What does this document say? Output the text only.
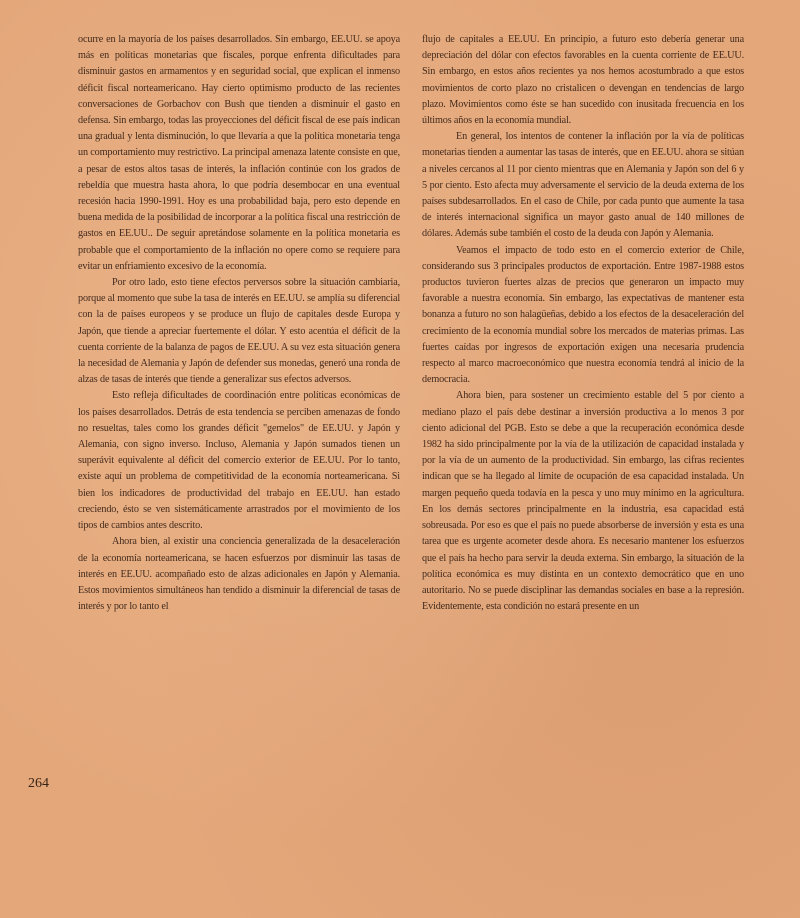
ocurre en la mayoría de los países desarrollados. Sin embargo, EE.UU. se apoya más en políticas monetarias que fiscales, porque enfrenta dificultades para disminuir gastos en armamentos y en seguridad social, que explican el inmenso déficit fiscal norteamericano. Hay cierto optimismo producto de las recientes conversaciones de Gorbachov con Bush que tienden a disminuir el gasto en defensa. Sin embargo, todas las proyecciones del déficit fiscal de ese país indican una gradual y lenta disminución, lo que llevaría a que la política monetaria tenga un comportamiento muy restrictivo. La principal amenaza latente consiste en que, a pesar de estos altos tasas de interés, la inflación continúe con los grados de rebeldía que muestra hasta ahora, lo que podría desembocar en una eventual recesión hacia 1990-1991. Hoy es una probabilidad baja, pero esto depende en buena medida de la posibilidad de incorporar a la política fiscal una restricción de gastos en EE.UU.. De seguir apretándose solamente en la política monetaria es probable que el comportamiento de la inflación no opere como se requiere para evitar un enfriamiento excesivo de la economía.

Por otro lado, esto tiene efectos perversos sobre la situación cambiaria, porque al momento que sube la tasa de interés en EE.UU. se amplía su diferencial con la de países europeos y se produce un flujo de capitales desde Europa y Japón, que tiende a apreciar fuertemente el dólar. Y esto acentúa el déficit de la cuenta corriente de la balanza de pagos de EE.UU. A su vez esta situación genera la necesidad de Alemania y Japón de defender sus monedas, generó una ronda de alzas de tasas de interés que tiende a generalizar sus efectos adversos.

Esto refleja dificultades de coordinación entre políticas económicas de los países desarrollados. Detrás de esta tendencia se perciben amenazas de fondo no resueltas, tales como los grandes déficit "gemelos" de EE.UU. y Japón y Alemania, con signo inverso. Incluso, Alemania y Japón sumados tienen un superávit equivalente al déficit del comercio exterior de EE.UU. Por lo tanto, existe aquí un problema de competitividad de la economía norteamericana. Si bien los indicadores de productividad del trabajo en EE.UU. han estado creciendo, ésto se ven sistemáticamente arrastrados por el movimiento de los tipos de cambios antes descrito.

Ahora bien, al existir una conciencia generalizada de la desaceleración de la economía norteamericana, se hacen esfuerzos por disminuir las tasas de interés en EE.UU. acompañado esto de alzas adicionales en Japón y Alemania. Estos movimientos simultáneos han tendido a disminuir la diferencial de tasas de interés y por lo tanto el

flujo de capitales a EE.UU. En principio, a futuro esto debería generar una depreciación del dólar con efectos favorables en la cuenta corriente de EE.UU. Sin embargo, en estos años recientes ya nos hemos acostumbrado a que estos movimientos de corto plazo no cristalicen o devengan en tendencias de largo plazo. Movimientos como éste se han sucedido con inusitada frecuencia en los últimos años en la economía mundial.

En general, los intentos de contener la inflación por la vía de políticas monetarias tienden a aumentar las tasas de interés, que en EE.UU. ahora se sitúan a niveles cercanos al 11 por ciento mientras que en Alemania y Japón son del 6 y 5 por ciento. Esto afecta muy adversamente el servicio de la deuda externa de los países subdesarrollados. En el caso de Chile, por cada punto que aumente la tasa de interés internacional significa un mayor gasto anual de 140 millones de dólares. Además sube también el costo de la deuda con Japón y Alemania.

Veamos el impacto de todo esto en el comercio exterior de Chile, considerando sus 3 principales productos de exportación. Entre 1987-1988 estos productos tuvieron fuertes alzas de precios que generaron un impacto muy favorable a nuestra economía. Sin embargo, las expectativas de mantener esta bonanza a futuro no son halagüeñas, debido a los efectos de la desaceleración del crecimiento de la economía mundial sobre los mercados de materias primas. Las fuertes caídas por ingresos de exportación exigen una necesaria prudencia respecto al marco macroeconómico que nuestra economía tendrá al inicio de la democracia.

Ahora bien, para sostener un crecimiento estable del 5 por ciento a mediano plazo el país debe destinar a inversión productiva a lo menos 3 por ciento adicional del PGB. Esto se debe a que la recuperación económica desde 1982 ha sido principalmente por la vía de la utilización de capacidad instalada y por la vía de un aumento de la productividad. Sin embargo, las cifras recientes indican que se ha llegado al límite de ocupación de esa capacidad instalada. Un margen pequeño queda todavía en la pesca y uno muy mínimo en la agricultura. En los demás sectores principalmente en la industria, esa capacidad está sobreusada. Por eso es que el país no puede absorberse de inversión y esta es una tarea que es urgente acometer desde ahora. Es necesario mantener los esfuerzos que el país ha hecho para servir la deuda externa. Sin embargo, la situación de la política económica es muy distinta en un contexto democrático que en uno autoritario. No se puede disciplinar las demandas sociales en base a la represión. Evidentemente, esta condición no estará presente en un

264
